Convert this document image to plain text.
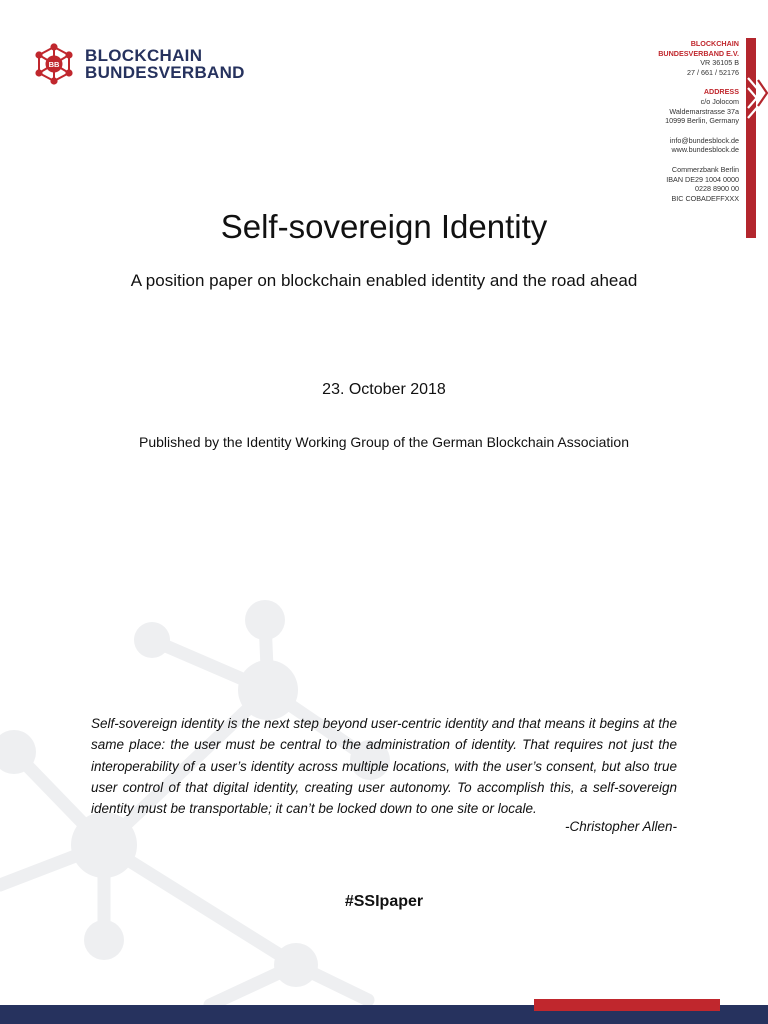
BB BLOCKCHAIN
BUNDESVERBAND
BLOCKCHAIN
BUNDESVERBAND E.V.
VR 36105 B
27 / 661 / 52176
ADDRESS
c/o Jolocom
Waldemarstrasse 37a
10999 Berlin, Germany
info@bundesblock.de
www.bundesblock.de
Commerzbank Berlin
IBAN DE29 1004 0000
0228 8900 00
BIC COBADEFFXXX
Self-sovereign Identity
A position paper on blockchain enabled identity and the road ahead
23. October 2018
Published by the Identity Working Group of the German Blockchain Association
Self-sovereign identity is the next step beyond user-centric identity and that means it begins at the same place: the user must be central to the administration of identity. That requires not just the interoperability of a user’s identity across multiple locations, with the user’s consent, but also true user control of that digital identity, creating user autonomy. To accomplish this, a self-sovereign identity must be transportable; it can’t be locked down to one site or locale.
-Christopher Allen-
#SSIpaper
